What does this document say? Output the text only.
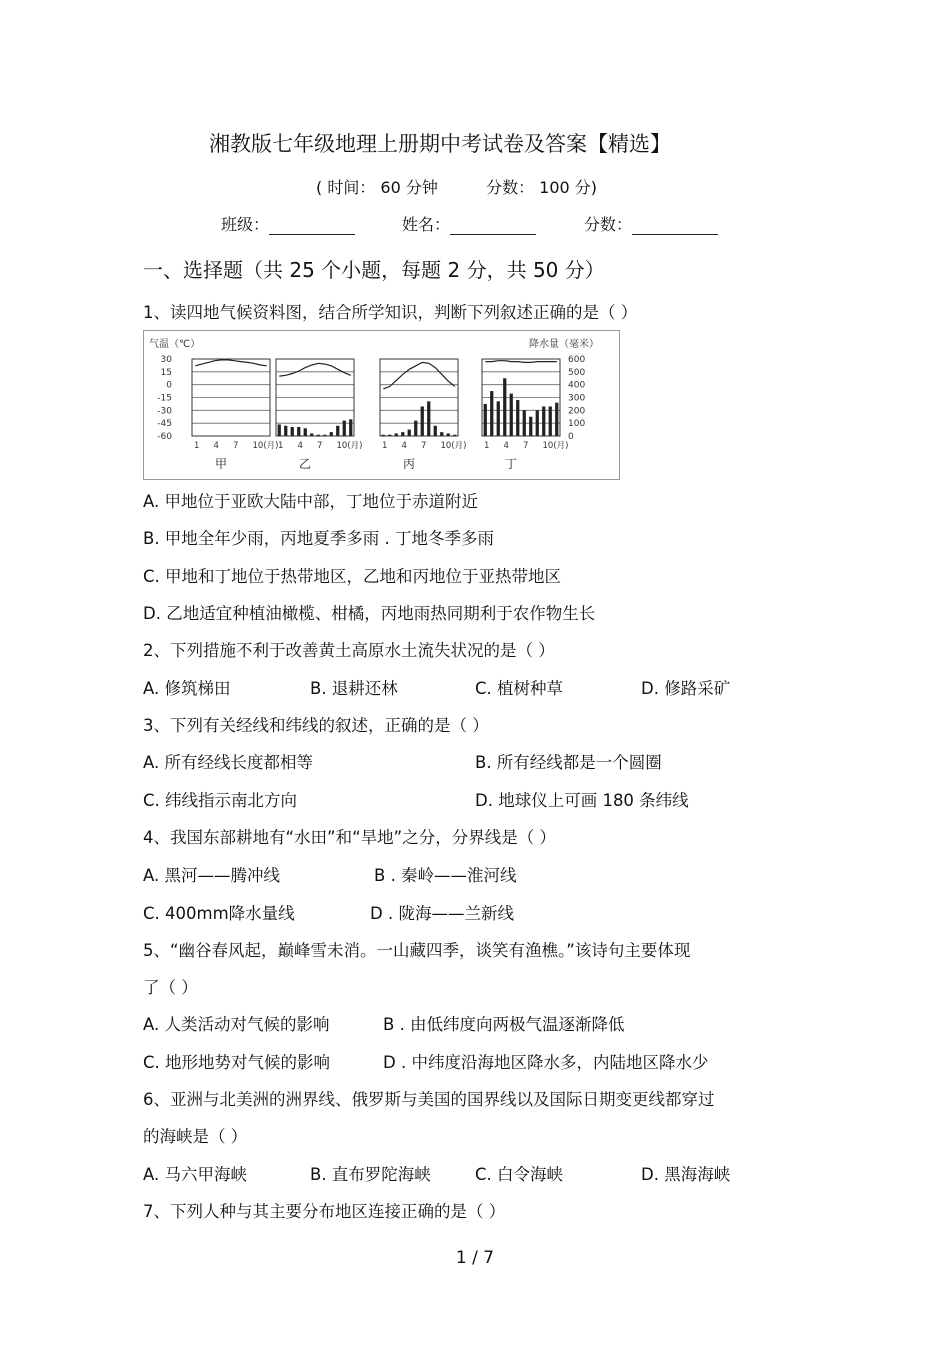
湘教版七年级地理上册期中考试卷及答案【精选】
( 时间： 60 分钟	分数： 100 分)
班级：	姓名：	分数：
一、选择题（共 25 个小题，每题 2 分，共 50 分）
1、读四地气候资料图，结合所学知识，判断下列叙述正确的是（ ）
气温（℃）	降水量（毫米）
30
15
0
-15
-30
-45
-60
600
500
400
300
200
100
0
1 4 7 10(月)
甲
1 4 7 10(月)
乙
1 4 7 10(月)
丙
1 4 7 10(月)
丁
A. 甲地位于亚欧大陆中部，丁地位于赤道附近
B. 甲地全年少雨，丙地夏季多雨 . 丁地冬季多雨
C. 甲地和丁地位于热带地区，乙地和丙地位于亚热带地区
D. 乙地适宜种植油橄榄、柑橘，丙地雨热同期利于农作物生长
2、下列措施不利于改善黄土高原水土流失状况的是（ ）
A. 修筑梯田	B. 退耕还林	C. 植树种草	D. 修路采矿
3、下列有关经线和纬线的叙述，正确的是（ ）
A. 所有经线长度都相等	B. 所有经线都是一个圆圈
C. 纬线指示南北方向	D. 地球仪上可画 180 条纬线
4、我国东部耕地有“水田”和“旱地”之分，分界线是（ ）
A. 黑河——腾冲线	B . 秦岭——淮河线
C. 400mm降水量线	D . 陇海——兰新线
5、“幽谷春风起，巅峰雪未消。一山藏四季，谈笑有渔樵。”该诗句主要体现
了（ ）
A. 人类活动对气候的影响	B . 由低纬度向两极气温逐渐降低
C. 地形地势对气候的影响	D . 中纬度沿海地区降水多，内陆地区降水少
6、亚洲与北美洲的洲界线、俄罗斯与美国的国界线以及国际日期变更线都穿过
的海峡是（ ）
A. 马六甲海峡	B. 直布罗陀海峡	C. 白令海峡	D. 黑海海峡
7、下列人种与其主要分布地区连接正确的是（ ）
1 / 7
